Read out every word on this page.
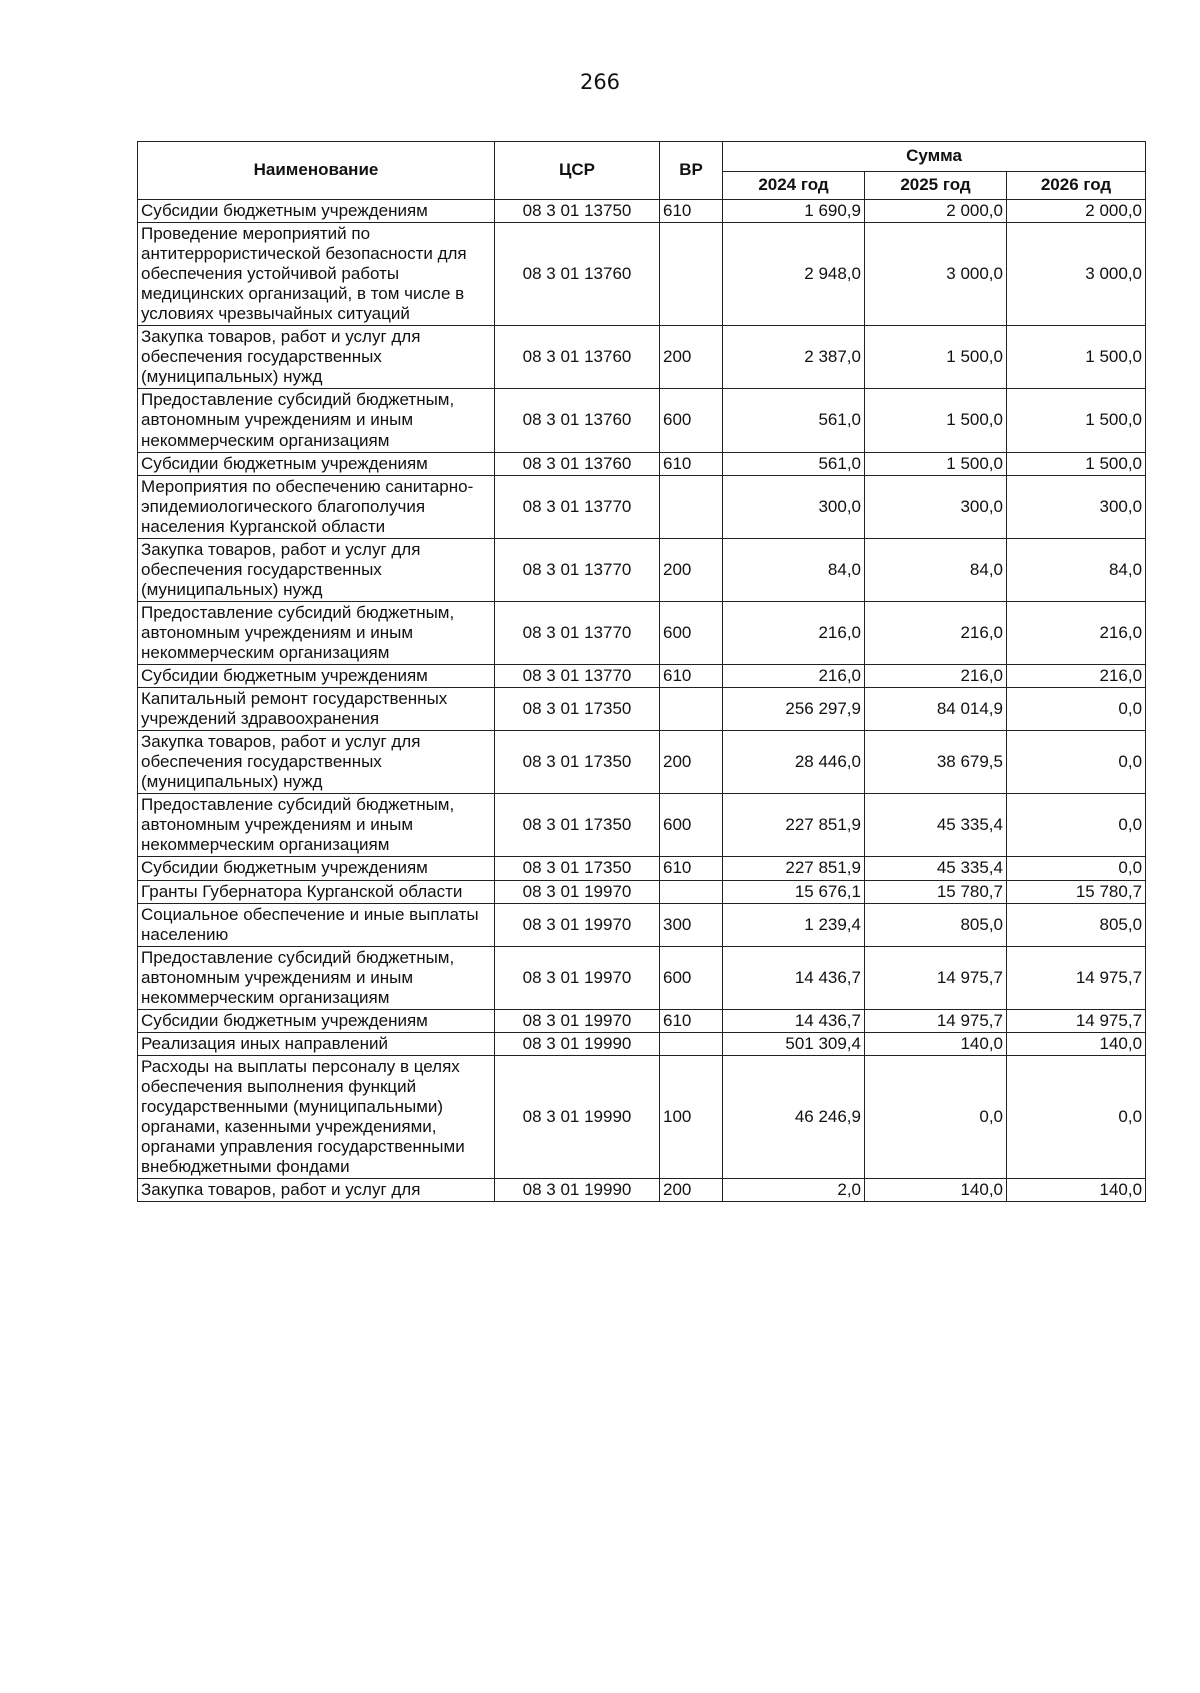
266
Наименование	ЦСР	ВР	Сумма		
			2024 год	2025 год	2026 год
Субсидии бюджетным учреждениям	08 3 01 13750	610	1 690,9	2 000,0	2 000,0
Проведение мероприятий по антитеррористической безопасности для обеспечения устойчивой работы медицинских организаций, в том числе в условиях чрезвычайных ситуаций	08 3 01 13760		2 948,0	3 000,0	3 000,0
Закупка товаров, работ и услуг для обеспечения государственных (муниципальных) нужд	08 3 01 13760	200	2 387,0	1 500,0	1 500,0
Предоставление субсидий бюджетным, автономным учреждениям и иным некоммерческим организациям	08 3 01 13760	600	561,0	1 500,0	1 500,0
Субсидии бюджетным учреждениям	08 3 01 13760	610	561,0	1 500,0	1 500,0
Мероприятия по обеспечению санитарно-эпидемиологического благополучия населения Курганской области	08 3 01 13770		300,0	300,0	300,0
Закупка товаров, работ и услуг для обеспечения государственных (муниципальных) нужд	08 3 01 13770	200	84,0	84,0	84,0
Предоставление субсидий бюджетным, автономным учреждениям и иным некоммерческим организациям	08 3 01 13770	600	216,0	216,0	216,0
Субсидии бюджетным учреждениям	08 3 01 13770	610	216,0	216,0	216,0
Капитальный ремонт государственных учреждений здравоохранения	08 3 01 17350		256 297,9	84 014,9	0,0
Закупка товаров, работ и услуг для обеспечения государственных (муниципальных) нужд	08 3 01 17350	200	28 446,0	38 679,5	0,0
Предоставление субсидий бюджетным, автономным учреждениям и иным некоммерческим организациям	08 3 01 17350	600	227 851,9	45 335,4	0,0
Субсидии бюджетным учреждениям	08 3 01 17350	610	227 851,9	45 335,4	0,0
Гранты Губернатора Курганской области	08 3 01 19970		15 676,1	15 780,7	15 780,7
Социальное обеспечение и иные выплаты населению	08 3 01 19970	300	1 239,4	805,0	805,0
Предоставление субсидий бюджетным, автономным учреждениям и иным некоммерческим организациям	08 3 01 19970	600	14 436,7	14 975,7	14 975,7
Субсидии бюджетным учреждениям	08 3 01 19970	610	14 436,7	14 975,7	14 975,7
Реализация иных направлений	08 3 01 19990		501 309,4	140,0	140,0
Расходы на выплаты персоналу в целях обеспечения выполнения функций государственными (муниципальными) органами, казенными учреждениями, органами управления государственными внебюджетными фондами	08 3 01 19990	100	46 246,9	0,0	0,0
Закупка товаров, работ и услуг для	08 3 01 19990	200	2,0	140,0	140,0
